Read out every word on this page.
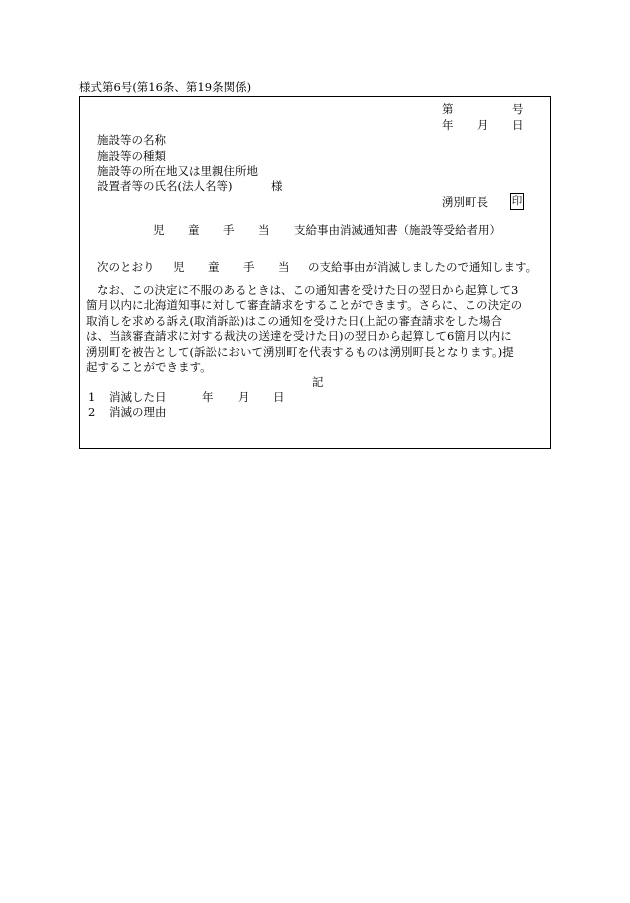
様式第6号(第16条、第19条関係)
第	号
年 月 日
施設等の名称
施設等の種類
施設等の所在地又は里親住所地
設置者等の氏名(法人名等)	様
湧別町長 印
児 童 手 当 支給事由消滅通知書（施設等受給者用）
次のとおり 児 童 手 当 の支給事由が消滅しましたので通知します。
なお、この決定に不服のあるときは、この通知書を受けた日の翌日から起算して3
箇月以内に北海道知事に対して審査請求をすることができます。さらに、この決定の
取消しを求める訴え(取消訴訟)はこの通知を受けた日(上記の審査請求をした場合
は、当該審査請求に対する裁決の送達を受けた日)の翌日から起算して6箇月以内に
湧別町を被告として(訴訟において湧別町を代表するものは湧別町長となります。)提
起することができます。
記
1 消滅した日	年 月 日
2 消滅の理由
